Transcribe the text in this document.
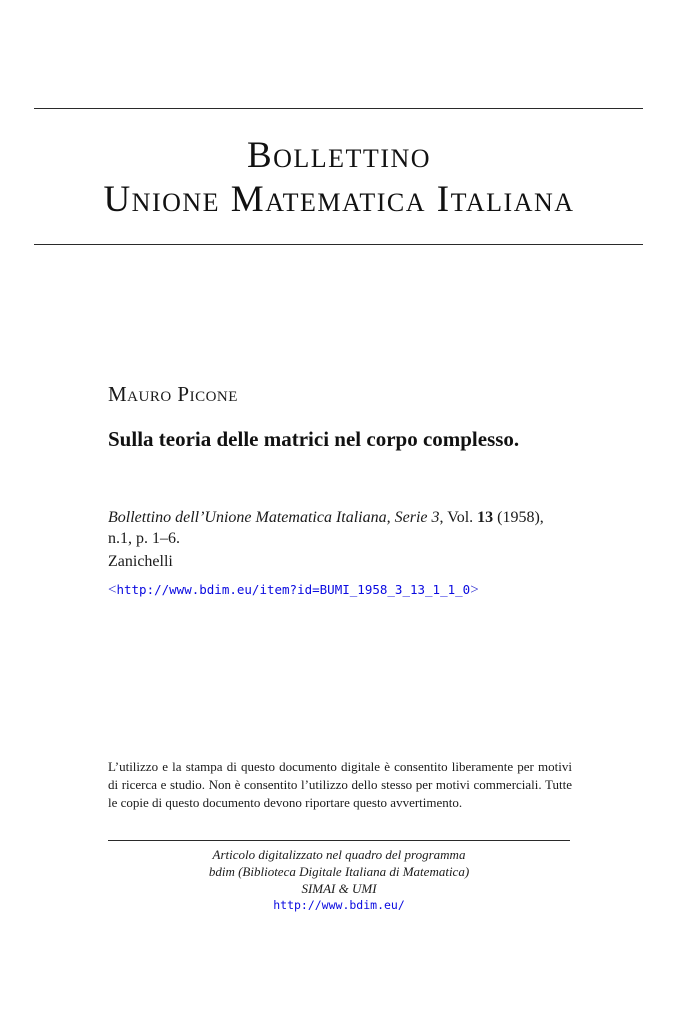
Bollettino
Unione Matematica Italiana
Mauro Picone
Sulla teoria delle matrici nel corpo complesso.
Bollettino dell’Unione Matematica Italiana, Serie 3, Vol. 13 (1958), n.1, p. 1–6.
Zanichelli
<http://www.bdim.eu/item?id=BUMI_1958_3_13_1_1_0>
L’utilizzo e la stampa di questo documento digitale è consentito liberamente per motivi di ricerca e studio. Non è consentito l’utilizzo dello stesso per motivi commerciali. Tutte le copie di questo documento devono riportare questo avvertimento.
Articolo digitalizzato nel quadro del programma
bdim (Biblioteca Digitale Italiana di Matematica)
SIMAI & UMI
http://www.bdim.eu/
